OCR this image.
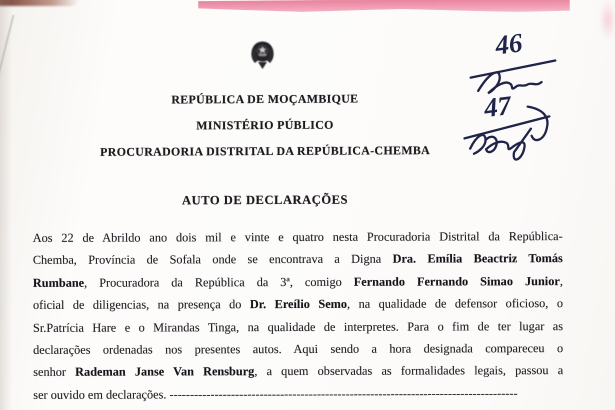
REPÚBLICA DE MOÇAMBIQUE
MINISTÉRIO PÚBLICO
PROCURADORIA DISTRITAL DA REPÚBLICA-CHEMBA
AUTO DE DECLARAÇÕES
46
47
Aos 22 de Abrildo ano dois mil e vinte e quatro nesta Procuradoria Distrital da República-
Chemba, Província de Sofala onde se encontrava a Digna Dra. Emília Beactriz Tomás
Rumbane, Procuradora da República da 3ª, comigo Fernando Fernando Simao Junior,
oficial de diligencias, na presença do Dr. Ereílio Semo, na qualidade de defensor oficioso, o
Sr.Patrícia Hare e o Mirandas Tinga, na qualidade de interpretes. Para o fim de ter lugar as
declarações ordenadas nos presentes autos. Aqui sendo a hora designada compareceu o
senhor Rademan Janse Van Rensburg, a quem observadas as formalidades legais, passou a
ser ouvido em declarações. -------------------------------------------------------------------------------------
